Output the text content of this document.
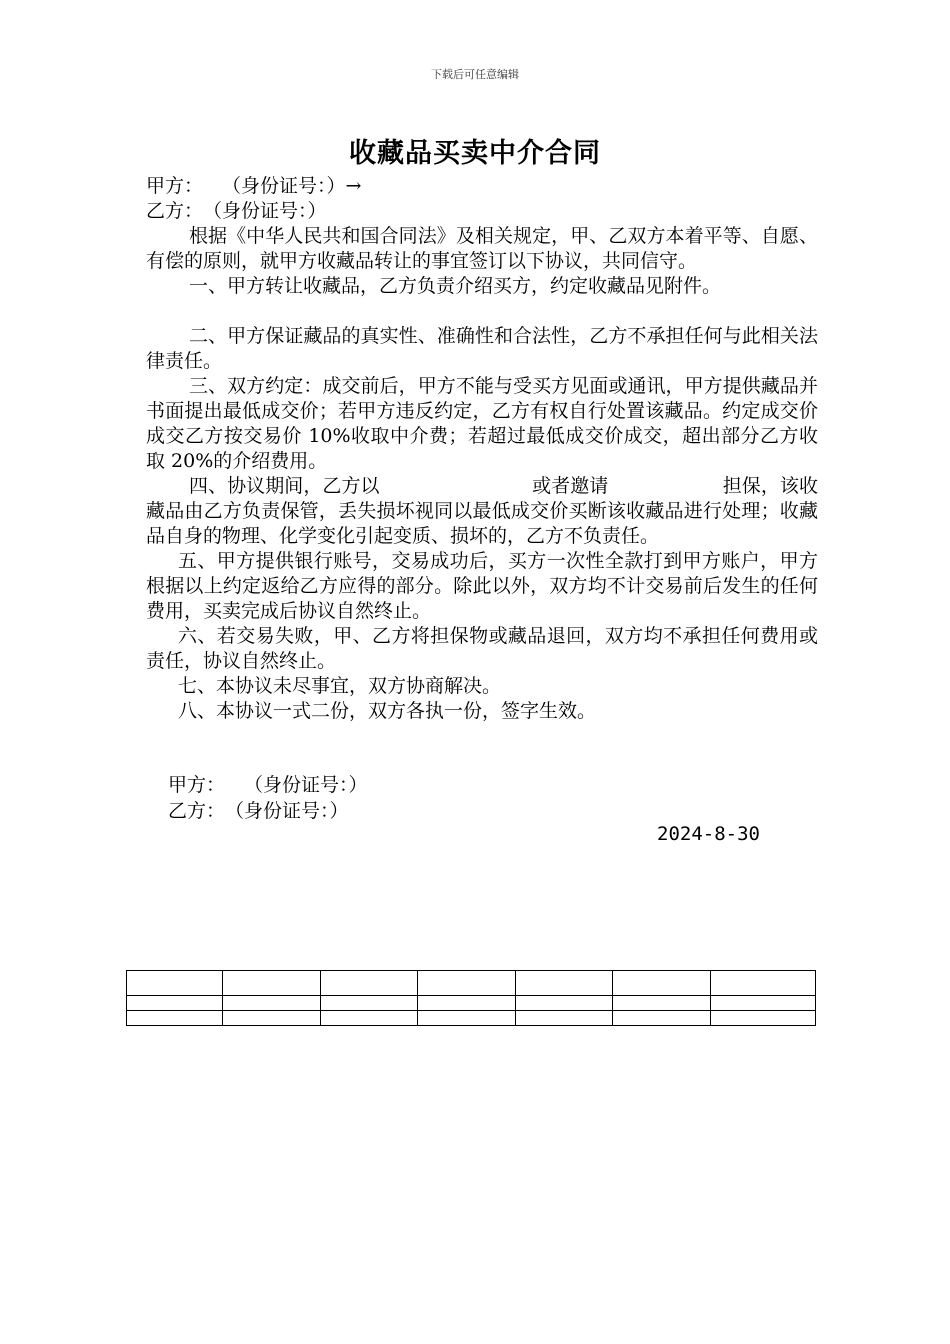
下载后可任意编辑
收藏品买卖中介合同
甲方：　　（身份证号：）→
乙方：　（身份证号：）
根据《中华人民共和国合同法》及相关规定，甲、乙双方本着平等、自愿、有偿的原则，就甲方收藏品转让的事宜签订以下协议，共同信守。
一、甲方转让收藏品，乙方负责介绍买方，约定收藏品见附件。
二、甲方保证藏品的真实性、准确性和合法性，乙方不承担任何与此相关法律责任。
三、双方约定：成交前后，甲方不能与受买方见面或通讯，甲方提供藏品并书面提出最低成交价；若甲方违反约定，乙方有权自行处置该藏品。约定成交价成交乙方按交易价 10%收取中介费；若超过最低成交价成交，超出部分乙方收取 20%的介绍费用。
四、协议期间，乙方以　　　　　　　　或者邀请　　　　　　担保，该收藏品由乙方负责保管，丢失损坏视同以最低成交价买断该收藏品进行处理；收藏品自身的物理、化学变化引起变质、损坏的，乙方不负责任。
五、甲方提供银行账号，交易成功后，买方一次性全款打到甲方账户，甲方根据以上约定返给乙方应得的部分。除此以外，双方均不计交易前后发生的任何费用，买卖完成后协议自然终止。
六、若交易失败，甲、乙方将担保物或藏品退回，双方均不承担任何费用或责任，协议自然终止。
七、本协议未尽事宜，双方协商解决。
八、本协议一式二份，双方各执一份，签字生效。
甲方：　　（身份证号：）
乙方：　（身份证号：）
2024-8-30
